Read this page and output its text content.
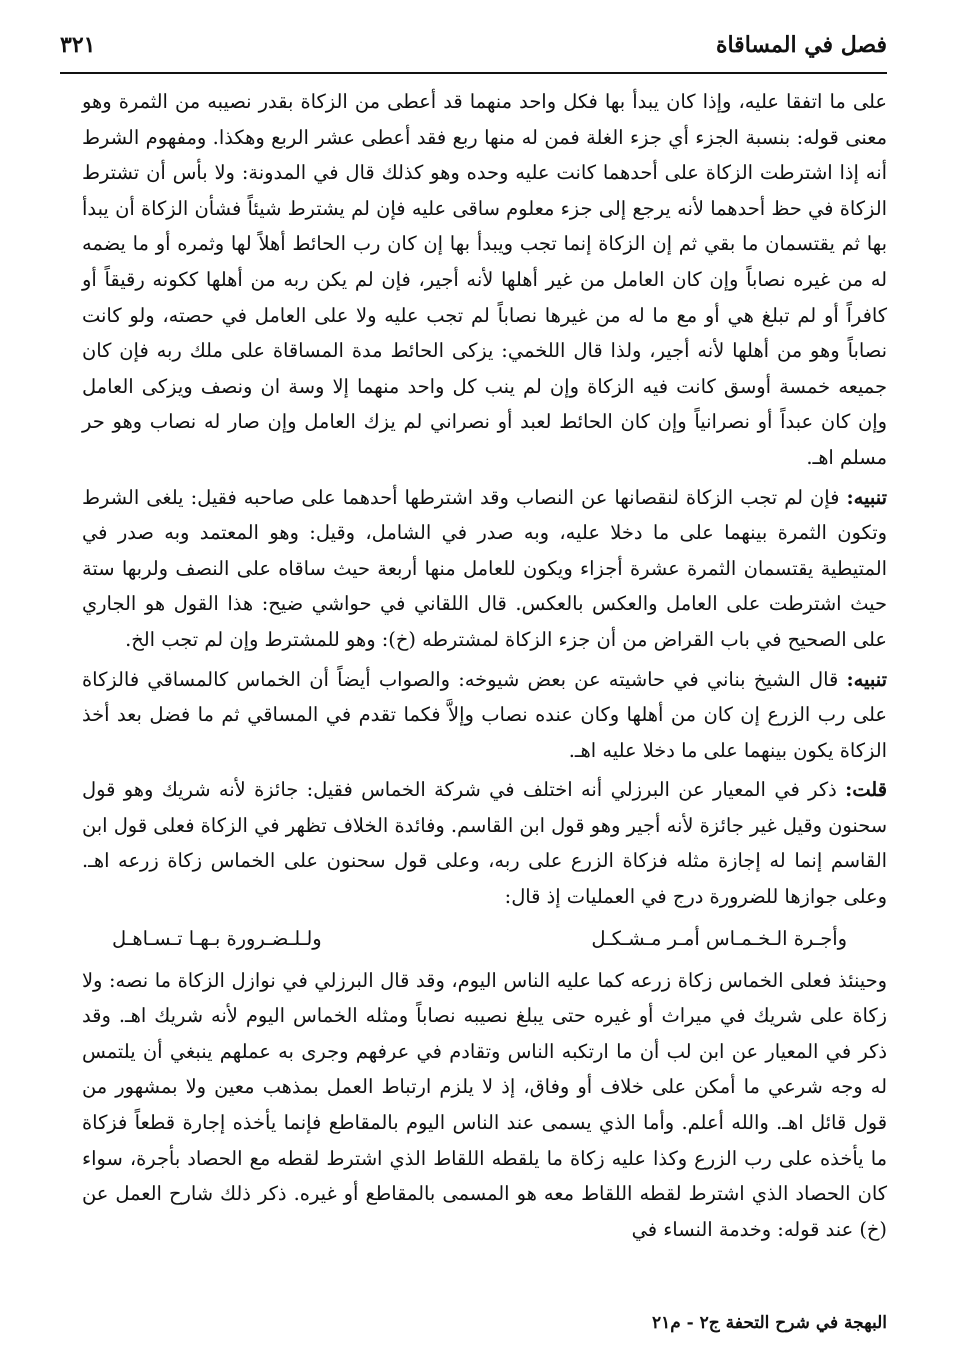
فصل في المساقاة
٣٢١

على ما اتفقا عليه، وإذا كان يبدأ بها فكل واحد منهما قد أعطى من الزكاة بقدر نصيبه من الثمرة وهو معنى قوله: بنسبة الجزء أي جزء الغلة فمن له منها ربع فقد أعطى عشر الربع وهكذا. ومفهوم الشرط أنه إذا اشترطت الزكاة على أحدهما كانت عليه وحده وهو كذلك قال في المدونة: ولا بأس أن تشترط الزكاة في حظ أحدهما لأنه يرجع إلى جزء معلوم ساقى عليه فإن لم يشترط شيئاً فشأن الزكاة أن يبدأ بها ثم يقتسمان ما بقي ثم إن الزكاة إنما تجب ويبدأ بها إن كان رب الحائط أهلاً لها وثمره أو ما يضمه له من غيره نصاباً وإن كان العامل من غير أهلها لأنه أجير، فإن لم يكن ربه من أهلها ككونه رقيقاً أو كافراً أو لم تبلغ هي أو مع ما له من غيرها نصاباً لم تجب عليه ولا على العامل في حصته، ولو كانت نصاباً وهو من أهلها لأنه أجير، ولذا قال اللخمي: يزكى الحائط مدة المساقاة على ملك ربه فإن كان جميعه خمسة أوسق كانت فيه الزكاة وإن لم ينب كل واحد منهما إلا وسة ان ونصف ويزكى العامل وإن كان عبداً أو نصرانياً وإن كان الحائط لعبد أو نصراني لم يزك العامل وإن صار له نصاب وهو حر مسلم اهـ.

تنبيه: فإن لم تجب الزكاة لنقصانها عن النصاب وقد اشترطها أحدهما على صاحبه فقيل: يلغى الشرط وتكون الثمرة بينهما على ما دخلا عليه، وبه صدر في الشامل، وقيل: وهو المعتمد وبه صدر في المتيطية يقتسمان الثمرة عشرة أجزاء ويكون للعامل منها أربعة حيث ساقاه على النصف ولربها ستة حيث اشترطت على العامل والعكس بالعكس. قال اللقاني في حواشي ضيح: هذا القول هو الجاري على الصحيح في باب القراض من أن جزء الزكاة لمشترطه (خ): وهو للمشترط وإن لم تجب الخ.

تنبيه: قال الشيخ بناني في حاشيته عن بعض شيوخه: والصواب أيضاً أن الخماس كالمساقي فالزكاة على رب الزرع إن كان من أهلها وكان عنده نصاب وإلاَّ فكما تقدم في المساقي ثم ما فضل بعد أخذ الزكاة يكون بينهما على ما دخلا عليه اهـ.

قلت: ذكر في المعيار عن البرزلي أنه اختلف في شركة الخماس فقيل: جائزة لأنه شريك وهو قول سحنون وقيل غير جائزة لأنه أجير وهو قول ابن القاسم. وفائدة الخلاف تظهر في الزكاة فعلى قول ابن القاسم إنما له إجازة مثله فزكاة الزرع على ربه، وعلى قول سحنون على الخماس زكاة زرعه اهـ. وعلى جوازها للضرورة درج في العمليات إذ قال:

وأجـرة الـخـمـاس أمـر مـشـكـل
ولـلـضـرورة بـهـا تـسـاهـل

وحينئذ فعلى الخماس زكاة زرعه كما عليه الناس اليوم، وقد قال البرزلي في نوازل الزكاة ما نصه: ولا زكاة على شريك في ميراث أو غيره حتى يبلغ نصيبه نصاباً ومثله الخماس اليوم لأنه شريك اهـ. وقد ذكر في المعيار عن ابن لب أن ما ارتكبه الناس وتقادم في عرفهم وجرى به عملهم ينبغي أن يلتمس له وجه شرعي ما أمكن على خلاف أو وفاق، إذ لا يلزم ارتباط العمل بمذهب معين ولا بمشهور من قول قائل اهـ. والله أعلم. وأما الذي يسمى عند الناس اليوم بالمقاطع فإنما يأخذه إجارة قطعاً فزكاة ما يأخذه على رب الزرع وكذا عليه زكاة ما يلقطه اللقاط الذي اشترط لقطه مع الحصاد بأجرة، سواء كان الحصاد الذي اشترط لقطه اللقاط معه هو المسمى بالمقاطع أو غيره. ذكر ذلك شارح العمل عن (خ) عند قوله: وخدمة النساء في

البهجة في شرح التحفة ج٢ - م٢١
